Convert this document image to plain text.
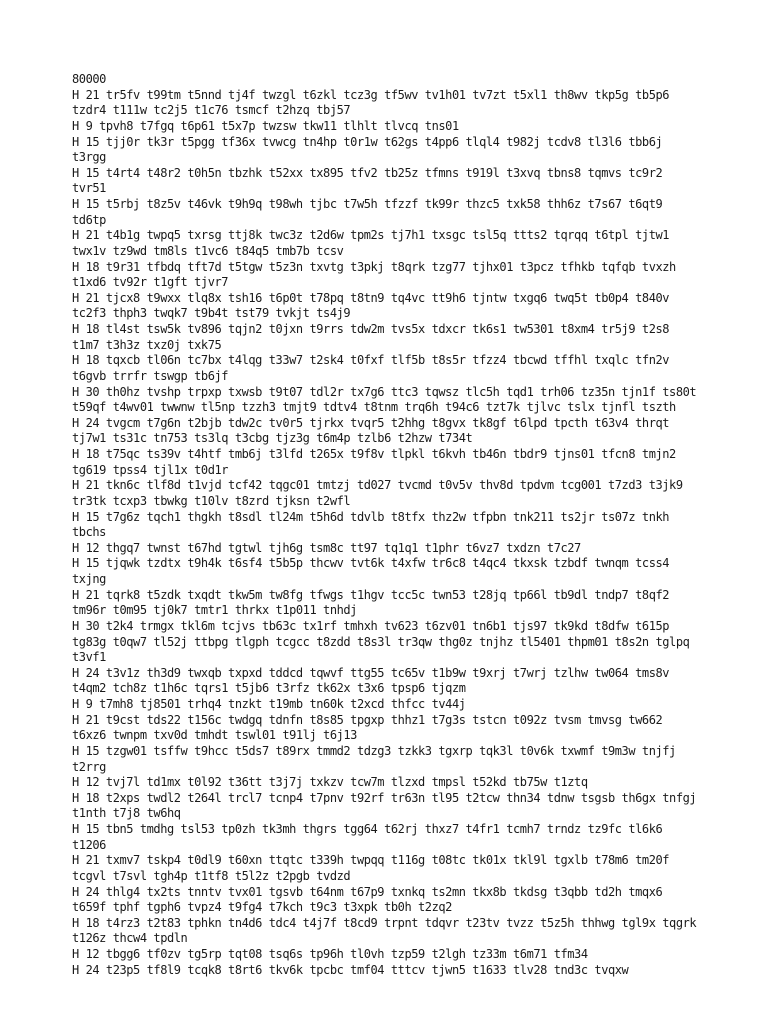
80000
H 21 tr5fv t99tm t5nnd tj4f twzgl t6zkl tcz3g tf5wv tv1h01 tv7zt t5xl1 th8wv tkp5g tb5p6 tzdr4 t111w tc2j5 t1c76 tsmcf t2hzq tbj57
H 9 tpvh8 t7fgq t6p61 t5x7p twzsw tkw11 tlhlt tlvcq tns01
H 15 tjj0r tk3r t5pgg tf36x tvwcg tn4hp t0r1w t62gs t4pp6 tlql4 t982j tcdv8 tl3l6 tbb6j t3rgg
H 15 t4rt4 t48r2 t0h5n tbzhk t52xx tx895 tfv2 tb25z tfmns t919l t3xvq tbns8 tqmvs tc9r2 tvr51
H 15 t5rbj t8z5v t46vk t9h9q t98wh tjbc t7w5h tfzzf tk99r thzc5 txk58 thh6z t7s67 t6qt9 td6tp
H 21 t4b1g twpq5 txrsg ttj8k twc3z t2d6w tpm2s tj7h1 txsgc tsl5q ttts2 tqrqq t6tpl tjtw1 twx1v tz9wd tm8ls t1vc6 t84q5 tmb7b tcsv
H 18 t9r31 tfbdq tft7d t5tgw t5z3n txvtg t3pkj t8qrk tzg77 tjhx01 t3pcz tfhkb tqfqb tvxzh t1xd6 tv92r t1gft tjvr7
H 21 tjcx8 t9wxx tlq8x tsh16 t6p0t t78pq t8tn9 tq4vc tt9h6 tjntw txgq6 twq5t tb0p4 t840v tc2f3 thph3 twqk7 t9b4t tst79 tvkjt ts4j9
H 18 tl4st tsw5k tv896 tqjn2 t0jxn t9rrs tdw2m tvs5x tdxcr tk6s1 tw5301 t8xm4 tr5j9 t2s8 t1m7 t3h3z txz0j txk75
H 18 tqxcb tl06n tc7bx t4lqg t33w7 t2sk4 t0fxf tlf5b t8s5r tfzz4 tbcwd tffhl txqlc tfn2v t6gvb trrfr tswgp tb6jf
H 30 th0hz tvshp trpxp txwsb t9t07 tdl2r tx7g6 ttc3 tqwsz tlc5h tqd1 trh06 tz35n tjn1f ts80t t59qf t4wv01 twwnw tl5np tzzh3 tmjt9 tdtv4 t8tnm trq6h t94c6 tzt7k tjlvc tslx tjnfl tszth
H 24 tvgcm t7g6n t2bjb tdw2c tv0r5 tjrkx tvqr5 t2hhg t8gvx tk8gf t6lpd tpcth t63v4 thrqt tj7w1 ts31c tn753 ts3lq t3cbg tjz3g t6m4p tzlb6 t2hzw t734t
H 18 t75qc ts39v t4htf tmb6j t3lfd t265x t9f8v tlpkl t6kvh tb46n tbdr9 tjns01 tfcn8 tmjn2 tg619 tpss4 tjl1x t0d1r
H 21 tkn6c tlf8d t1vjd tcf42 tqgc01 tmtzj td027 tvcmd t0v5v thv8d tpdvm tcg001 t7zd3 t3jk9 tr3tk tcxp3 tbwkg t10lv t8zrd tjksn t2wfl
H 15 t7g6z tqch1 thgkh t8sdl tl24m t5h6d tdvlb t8tfx thz2w tfpbn tnk211 ts2jr ts07z tnkh tbchs
H 12 thgq7 twnst t67hd tgtwl tjh6g tsm8c tt97 tq1q1 t1phr t6vz7 txdzn t7c27
H 15 tjqwk tzdtx t9h4k t6sf4 t5b5p thcwv tvt6k t4xfw tr6c8 t4qc4 tkxsk tzbdf twnqm tcss4 txjng
H 21 tqrk8 t5zdk txqdt tkw5m tw8fg tfwgs t1hgv tcc5c twn53 t28jq tp66l tb9dl tndp7 t8qf2 tm96r t0m95 tj0k7 tmtr1 thrkx t1p011 tnhdj
H 30 t2k4 trmgx tkl6m tcjvs tb63c tx1rf tmhxh tv623 t6zv01 tn6b1 tjs97 tk9kd t8dfw t615p tg83g t0qw7 tl52j ttbpg tlgph tcgcc t8zdd t8s3l tr3qw thg0z tnjhz tl5401 thpm01 t8s2n tglpq t3vf1
H 24 t3v1z th3d9 twxqb txpxd tddcd tqwvf ttg55 tc65v t1b9w t9xrj t7wrj tzlhw tw064 tms8v t4qm2 tch8z t1h6c tqrs1 t5jb6 t3rfz tk62x t3x6 tpsp6 tjqzm
H 9 t7mh8 tj8501 trhq4 tnzkt t19mb tn60k t2xcd thfcc tv44j
H 21 t9cst tds22 t156c twdgq tdnfn t8s85 tpgxp thhz1 t7g3s tstcn t092z tvsm tmvsg tw662 t6xz6 twnpm txv0d tmhdt tswl01 t91lj t6j13
H 15 tzgw01 tsffw t9hcc t5ds7 t89rx tmmd2 tdzg3 tzkk3 tgxrp tqk3l t0v6k txwmf t9m3w tnjfj t2rrg
H 12 tvj7l td1mx t0l92 t36tt t3j7j txkzv tcw7m tlzxd tmpsl t52kd tb75w t1ztq
H 18 t2xps twdl2 t264l trcl7 tcnp4 t7pnv t92rf tr63n tl95 t2tcw thn34 tdnw tsgsb th6gx tnfgj t1nth t7j8 tw6hq
H 15 tbn5 tmdhg tsl53 tp0zh tk3mh thgrs tgg64 t62rj thxz7 t4fr1 tcmh7 trndz tz9fc tl6k6 t1206
H 21 txmv7 tskp4 t0dl9 t60xn ttqtc t339h twpqq t116g t08tc tk01x tkl9l tgxlb t78m6 tm20f tcgvl t7svl tgh4p t1tf8 t5l2z t2pgb tvdzd
H 24 thlg4 tx2ts tnntv tvx01 tgsvb t64nm t67p9 txnkq ts2mn tkx8b tkdsg t3qbb td2h tmqx6 t659f tphf tgph6 tvpz4 t9fg4 t7kch t9c3 t3xpk tb0h t2zq2
H 18 t4rz3 t2t83 tphkn tn4d6 tdc4 t4j7f t8cd9 trpnt tdqvr t23tv tvzz t5z5h thhwg tgl9x tqgrk t126z thcw4 tpdln
H 12 tbgg6 tf0zv tg5rp tqt08 tsq6s tp96h tl0vh tzp59 t2lgh tz33m t6m71 tfm34
H 24 t23p5 tf8l9 tcqk8 t8rt6 tkv6k tpcbc tmf04 tttcv tjwn5 t1633 tlv28 tnd3c tvqxw
